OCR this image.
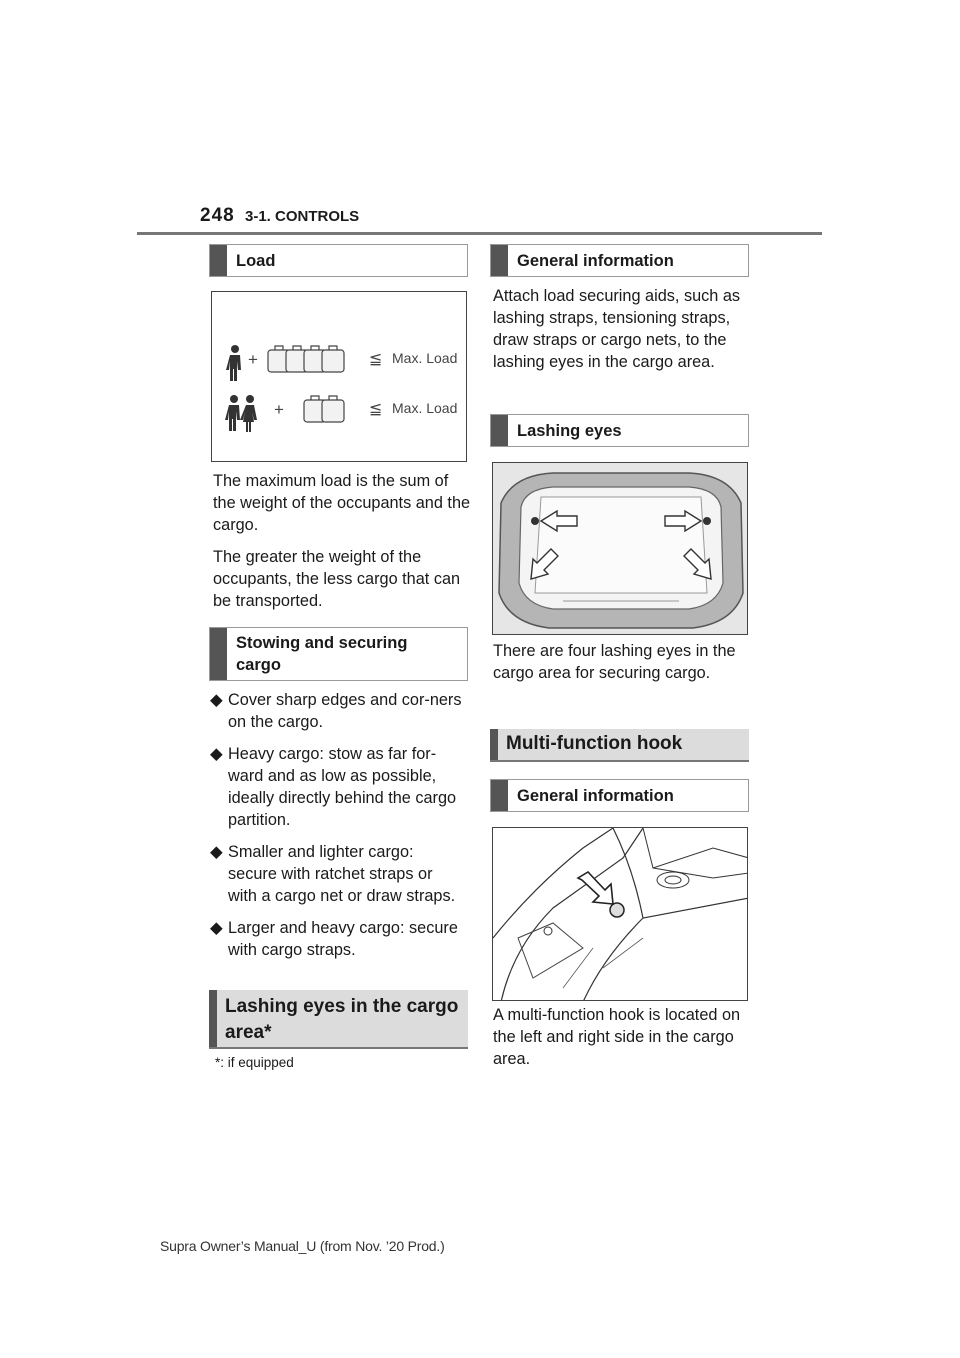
248 3-1. CONTROLS
Load
+	≦ Max. Load
+	≦ Max. Load

The maximum load is the sum of the weight of the occupants and the cargo.

The greater the weight of the occupants, the less cargo that can be transported.

Stowing and securing cargo

◆ Cover sharp edges and cor-ners on the cargo.

◆ Heavy cargo: stow as far for-ward and as low as possible, ideally directly behind the cargo partition.

◆ Smaller and lighter cargo: secure with ratchet straps or with a cargo net or draw straps.

◆ Larger and heavy cargo: secure with cargo straps.

Lashing eyes in the cargo area*
*: if equipped
General information

Attach load securing aids, such as lashing straps, tensioning straps, draw straps or cargo nets, to the lashing eyes in the cargo area.

Lashing eyes

There are four lashing eyes in the cargo area for securing cargo.

Multi-function hook
General information

A multi-function hook is located on the left and right side in the cargo area.

Supra Owner’s Manual_U (from Nov. ’20 Prod.)
